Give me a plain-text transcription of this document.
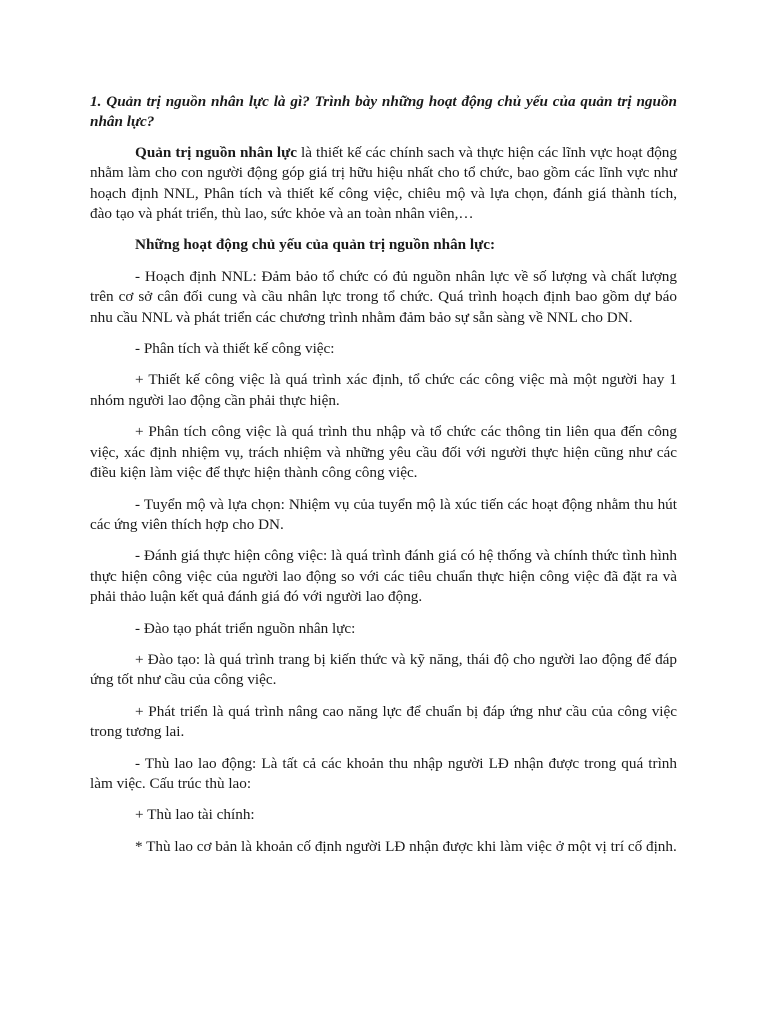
1. Quản trị nguồn nhân lực là gì? Trình bày những hoạt động chủ yếu của quản trị nguồn nhân lực?

Quản trị nguồn nhân lực là thiết kế các chính sach và thực hiện các lĩnh vực hoạt động nhằm làm cho con người động góp giá trị hữu hiệu nhất cho tổ chức, bao gồm các lĩnh vực như hoạch định NNL, Phân tích và thiết kế công việc, chiêu mộ và lựa chọn, đánh giá thành tích, đào tạo và phát triển, thù lao, sức khỏe và an toàn nhân viên,…

Những hoạt động chủ yếu của quản trị nguồn nhân lực:

- Hoạch định NNL: Đảm bảo tổ chức có đủ nguồn nhân lực về số lượng và chất lượng trên cơ sở cân đối cung và cầu nhân lực trong tổ chức. Quá trình hoạch định bao gồm dự báo nhu cầu NNL và phát triển các chương trình nhằm đảm bảo sự sẵn sàng về NNL cho DN.

- Phân tích và thiết kế công việc:

+ Thiết kế công việc là quá trình xác định, tổ chức các công việc mà một người hay 1 nhóm người lao động cần phải thực hiện.

+ Phân tích công việc là quá trình thu nhập và tổ chức các thông tin liên qua đến công việc, xác định nhiệm vụ, trách nhiệm và những yêu cầu đối với người thực hiện cũng như các điều kiện làm việc để thực hiện thành công công việc.

- Tuyển mộ và lựa chọn: Nhiệm vụ của tuyển mộ là xúc tiến các hoạt động nhằm thu hút các ứng viên thích hợp cho DN.

- Đánh giá thực hiện công việc: là quá trình đánh giá có hệ thống và chính thức tình hình thực hiện công việc của người lao động so với các tiêu chuẩn thực hiện công việc đã đặt ra và phải thảo luận kết quả đánh giá đó với người lao động.

- Đào tạo phát triển nguồn nhân lực:

+ Đào tạo: là quá trình trang bị kiến thức và kỹ năng, thái độ cho người lao động để đáp ứng tốt như cầu của công việc.

+ Phát triển là quá trình nâng cao năng lực để chuẩn bị đáp ứng như cầu của công việc trong tương lai.

- Thù lao lao động: Là tất cả các khoản thu nhập người LĐ nhận được trong quá trình làm việc. Cấu trúc thù lao:

+ Thù lao tài chính:

* Thù lao cơ bản là khoản cố định người LĐ nhận được khi làm việc ở một vị trí cố định.
